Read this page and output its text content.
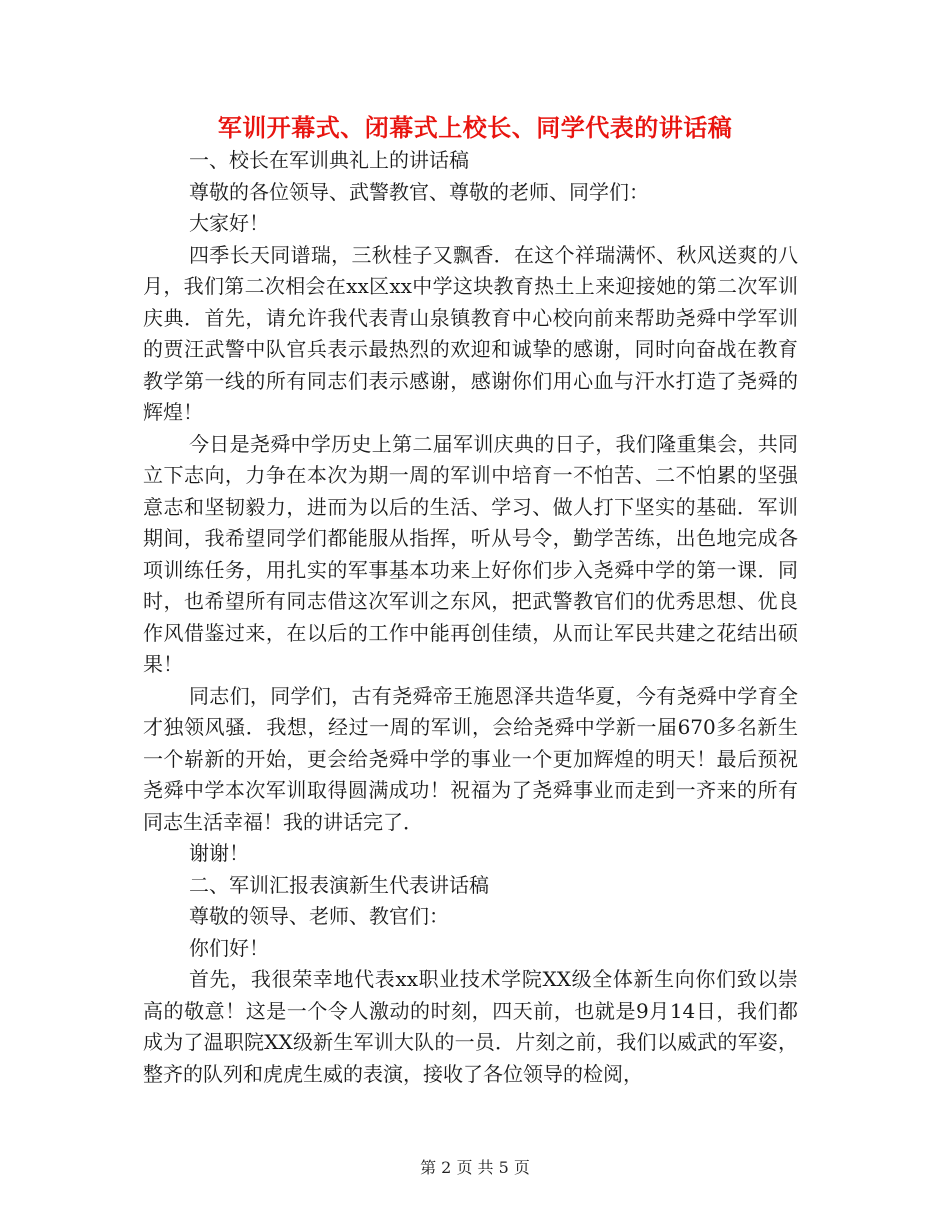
军训开幕式、闭幕式上校长、同学代表的讲话稿

一、校长在军训典礼上的讲话稿

尊敬的各位领导、武警教官、尊敬的老师、同学们：

大家好！

四季长天同谱瑞，三秋桂子又飘香．在这个祥瑞满怀、秋风送爽的八月，我们第二次相会在xx区xx中学这块教育热土上来迎接她的第二次军训庆典．首先，请允许我代表青山泉镇教育中心校向前来帮助尧舜中学军训的贾汪武警中队官兵表示最热烈的欢迎和诚挚的感谢，同时向奋战在教育教学第一线的所有同志们表示感谢，感谢你们用心血与汗水打造了尧舜的辉煌！

今日是尧舜中学历史上第二届军训庆典的日子，我们隆重集会，共同立下志向，力争在本次为期一周的军训中培育一不怕苦、二不怕累的坚强意志和坚韧毅力，进而为以后的生活、学习、做人打下坚实的基础．军训期间，我希望同学们都能服从指挥，听从号令，勤学苦练，出色地完成各项训练任务，用扎实的军事基本功来上好你们步入尧舜中学的第一课．同时，也希望所有同志借这次军训之东风，把武警教官们的优秀思想、优良作风借鉴过来，在以后的工作中能再创佳绩，从而让军民共建之花结出硕果！

同志们，同学们，古有尧舜帝王施恩泽共造华夏，今有尧舜中学育全才独领风骚．我想，经过一周的军训，会给尧舜中学新一届670多名新生一个崭新的开始，更会给尧舜中学的事业一个更加辉煌的明天！最后预祝尧舜中学本次军训取得圆满成功！祝福为了尧舜事业而走到一齐来的所有同志生活幸福！我的讲话完了．

谢谢！

二、军训汇报表演新生代表讲话稿

尊敬的领导、老师、教官们：

你们好！

首先，我很荣幸地代表xx职业技术学院XX级全体新生向你们致以崇高的敬意！这是一个令人激动的时刻，四天前，也就是9月14日，我们都成为了温职院XX级新生军训大队的一员．片刻之前，我们以威武的军姿，整齐的队列和虎虎生威的表演，接收了各位领导的检阅，

第 2 页 共 5 页
